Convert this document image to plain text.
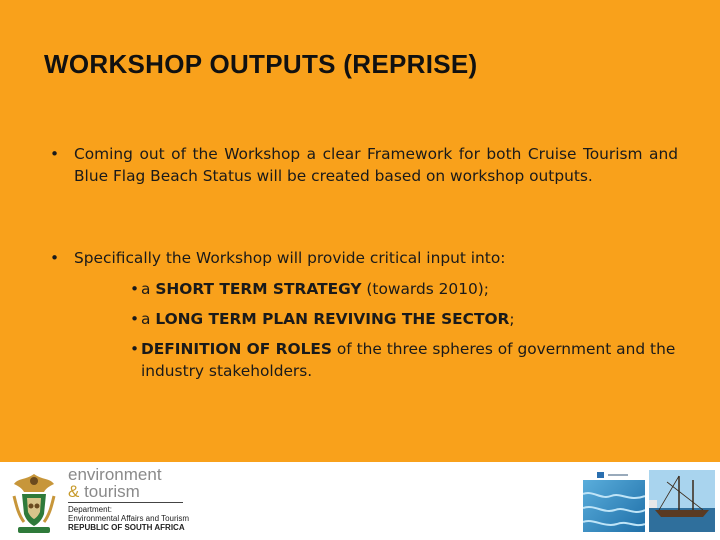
WORKSHOP OUTPUTS (REPRISE)
• Coming out of the Workshop a clear Framework for both Cruise Tourism and Blue Flag Beach Status will be created based on workshop outputs.
• Specifically the Workshop will provide critical input into:
• a SHORT TERM STRATEGY (towards 2010);
• a LONG TERM PLAN REVIVING THE SECTOR;
• DEFINITION OF ROLES of the three spheres of government and the industry stakeholders.
environment
& tourism
Department:
Environmental Affairs and Tourism
REPUBLIC OF SOUTH AFRICA
